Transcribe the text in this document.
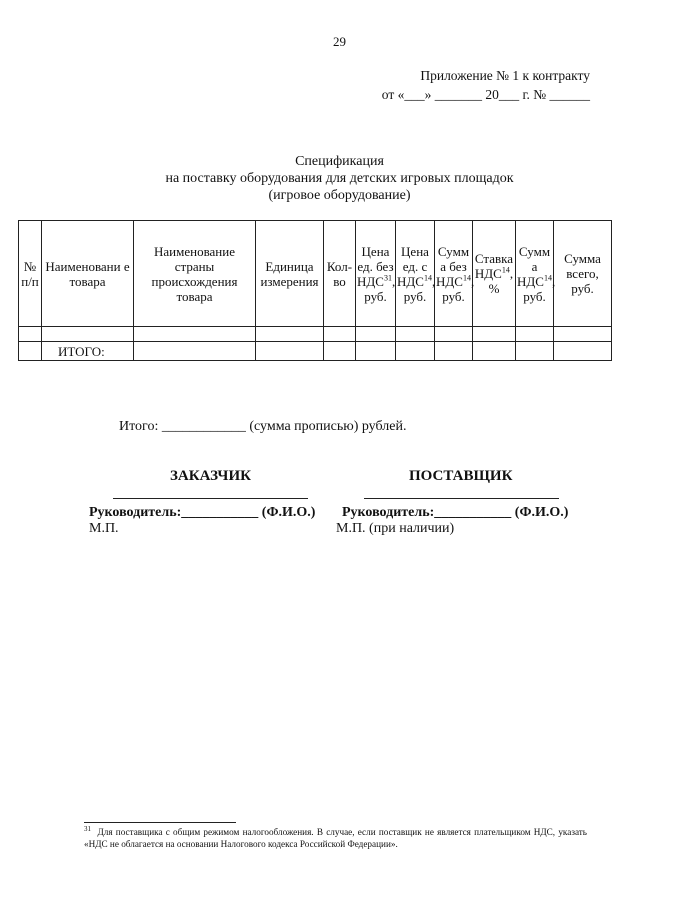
29
Приложение № 1 к контракту
от «___» _______ 20___ г. № ______
Спецификация
на поставку оборудования для детских игровых площадок
(игровое оборудование)
№ п/п	Наименовани е товара	Наименование страны происхождения товара	Единица измерения	Кол-во	Цена ед. без НДС$^{31}$, руб.	Цена ед. с НДС$^{14}$, руб.	Сумм а без НДС$^{14}$, руб.	Ставка НДС$^{14}$, %	Сумм а НДС$^{14}$, руб.	Сумма всего, руб.

	ИТОГО:									
Итого: ____________ (сумма прописью) рублей.
ЗАКАЗЧИК	ПОСТАВЩИК
Руководитель:___________ (Ф.И.О.) Руководитель:___________ (Ф.И.О.)
М.П.	М.П. (при наличии)
$^{31}$ Для поставщика с общим режимом налогообложения. В случае, если поставщик не является плательщиком НДС, указать «НДС не облагается на основании Налогового кодекса Российской Федерации».
